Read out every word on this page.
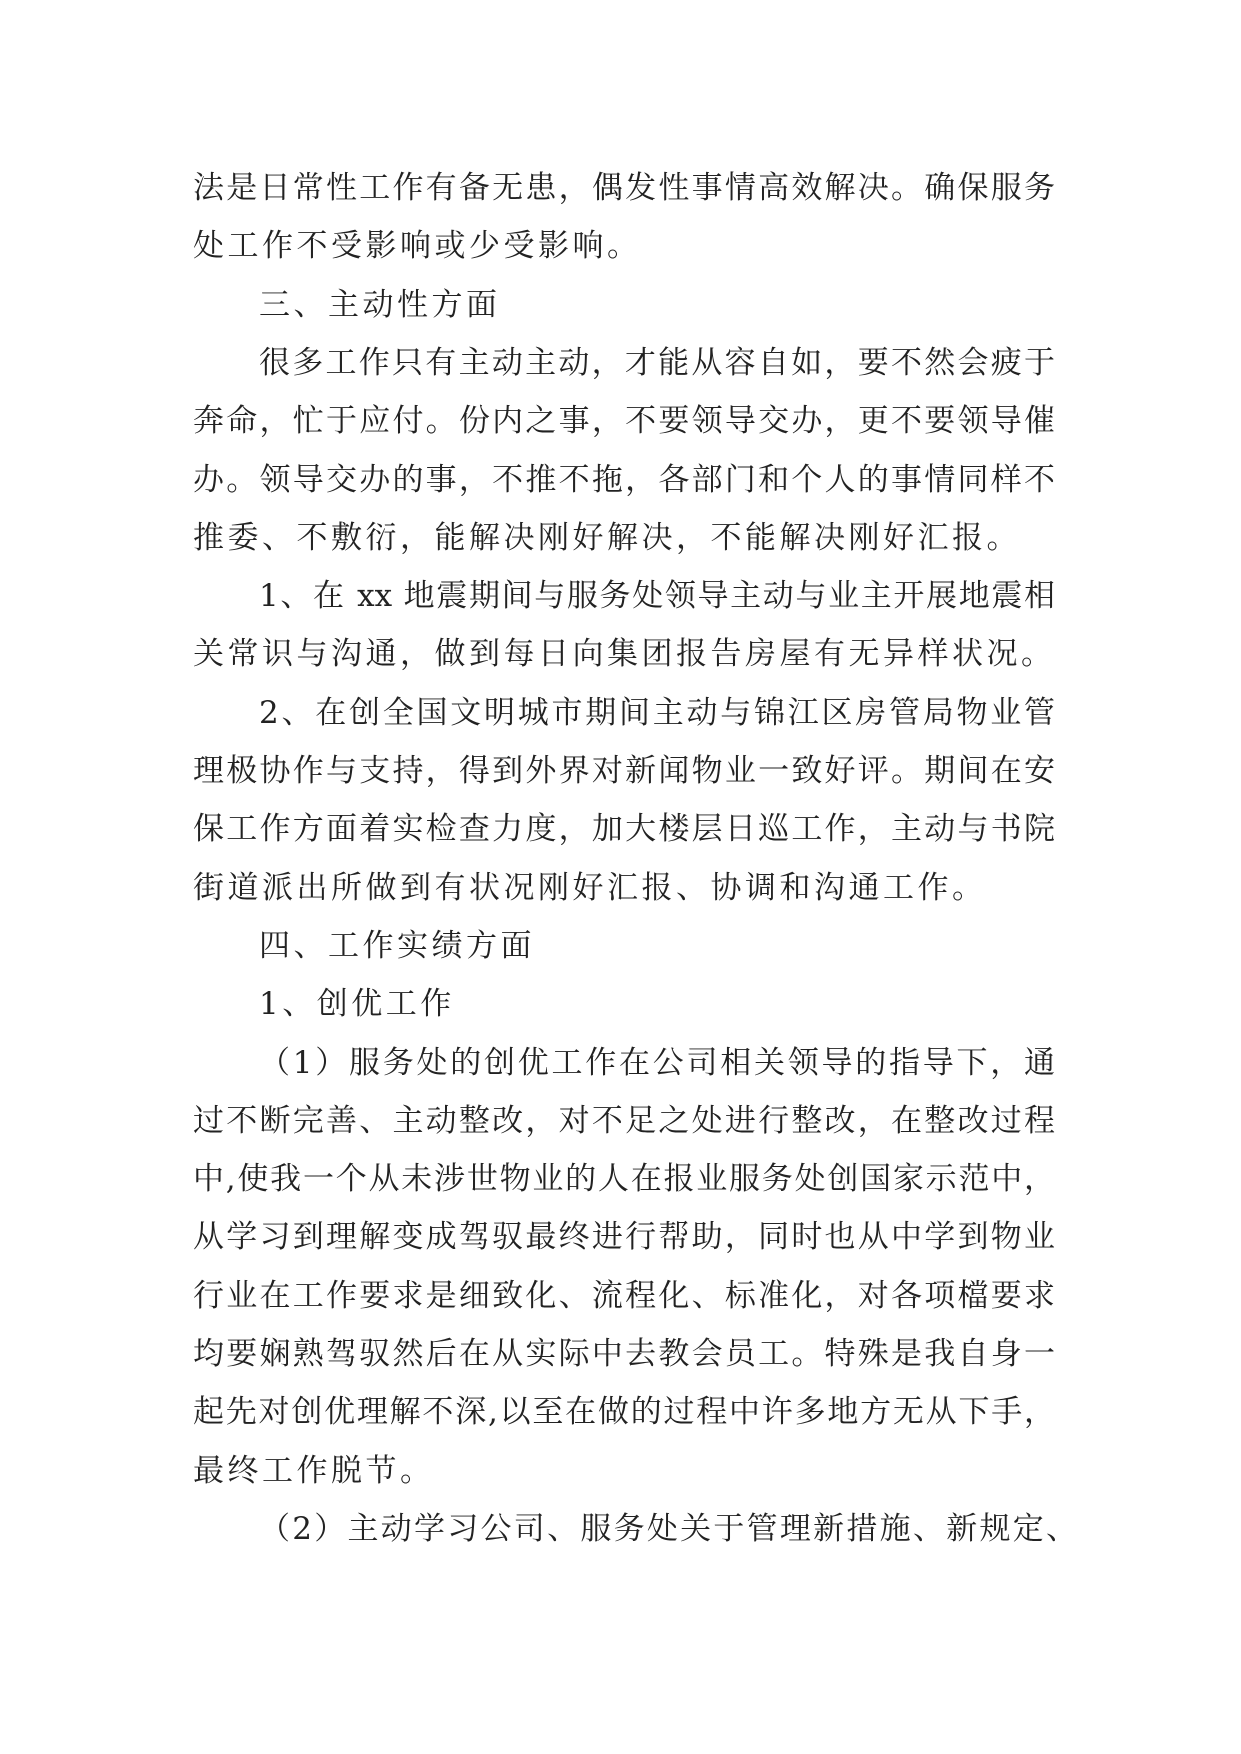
法是日常性工作有备无患，偶发性事情高效解决。确保服务

处工作不受影响或少受影响。

三、主动性方面

很多工作只有主动主动，才能从容自如，要不然会疲于

奔命，忙于应付。份内之事，不要领导交办，更不要领导催

办。领导交办的事，不推不拖，各部门和个人的事情同样不

推委、不敷衍，能解决刚好解决，不能解决刚好汇报。

1、在 xx 地震期间与服务处领导主动与业主开展地震相

关常识与沟通，做到每日向集团报告房屋有无异样状况。

2、在创全国文明城市期间主动与锦江区房管局物业管

理极协作与支持，得到外界对新闻物业一致好评。期间在安

保工作方面着实检查力度，加大楼层日巡工作，主动与书院

街道派出所做到有状况刚好汇报、协调和沟通工作。

四、工作实绩方面

1、创优工作

（1）服务处的创优工作在公司相关领导的指导下，通

过不断完善、主动整改，对不足之处进行整改，在整改过程

中,使我一个从未涉世物业的人在报业服务处创国家示范中，

从学习到理解变成驾驭最终进行帮助，同时也从中学到物业

行业在工作要求是细致化、流程化、标准化，对各项檔要求

均要娴熟驾驭然后在从实际中去教会员工。特殊是我自身一

起先对创优理解不深,以至在做的过程中许多地方无从下手，

最终工作脱节。

（2）主动学习公司、服务处关于管理新措施、新规定、
